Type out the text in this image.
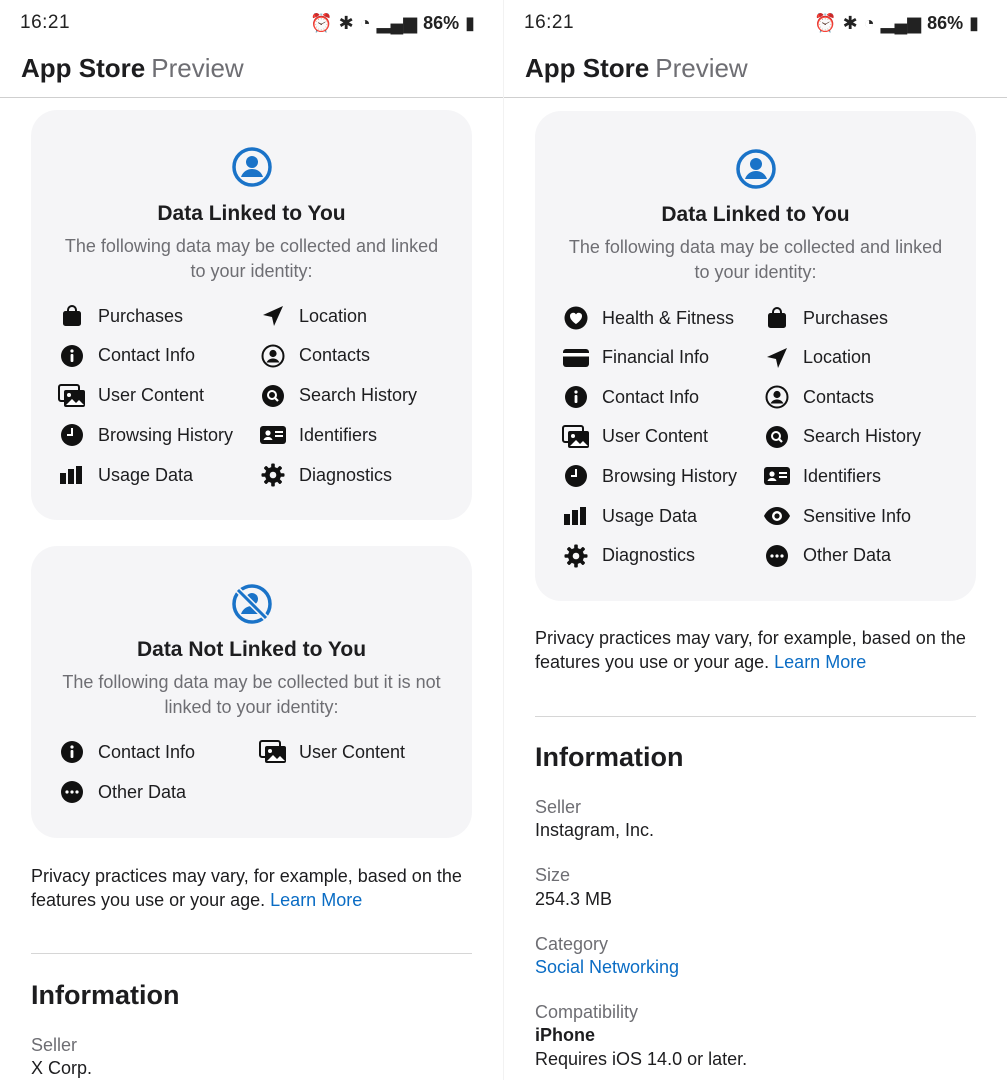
16:21	⏰ ✱ ◔ ▂▄▆ 86% ▮
App Store Preview
Data Linked to You
The following data may be collected and linked to your identity:
Purchases	Location
Contact Info	Contacts
User Content	Search History
Browsing History	Identifiers
Usage Data	Diagnostics
Data Not Linked to You
The following data may be collected but it is not linked to your identity:
Contact Info	User Content
Other Data
Privacy practices may vary, for example, based on the features you use or your age. Learn More
Information
Seller
X Corp.
16:21	⏰ ✱ ◔ ▂▄▆ 86% ▮
App Store Preview
Data Linked to You
The following data may be collected and linked to your identity:
Health & Fitness	Purchases
Financial Info	Location
Contact Info	Contacts
User Content	Search History
Browsing History	Identifiers
Usage Data	Sensitive Info
Diagnostics	Other Data
Privacy practices may vary, for example, based on the features you use or your age. Learn More
Information
Seller
Instagram, Inc.
Size
254.3 MB
Category
Social Networking
Compatibility
iPhone
Requires iOS 14.0 or later.
